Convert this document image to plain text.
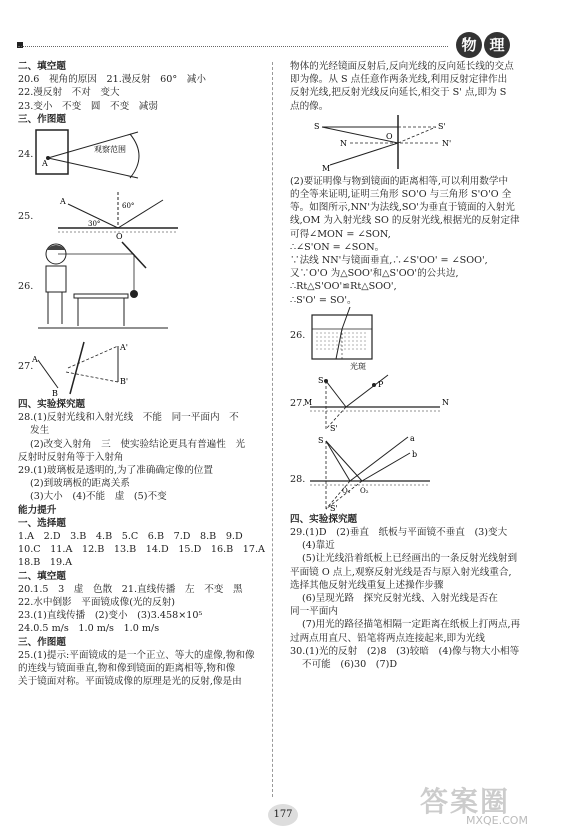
物 理

二、填空题

20.6　视角的原因　21.漫反射　60°　减小

22.漫反射　不对　变大

23.变小　不变　圆　不变　减弱

三、作图题

24.
A
观察范围
25.
A	60°
30°
O
26.
27.
A'
B'
A
B

四、实验探究题

28.(1)反射光线和入射光线　不能　同一平面内　不

发生

(2)改变入射角　三　使实验结论更具有普遍性　光

反射时反射角等于入射角

29.(1)玻璃板是透明的,为了准确确定像的位置

(2)到玻璃板的距离关系

(3)大小　(4)不能　虚　(5)不变

能力提升

一、选择题

1.A　2.D　3.B　4.B　5.C　6.B　7.D　8.B　9.D

10.C　11.A　12.B　13.B　14.D　15.D　16.B　17.A

18.B　19.A

二、填空题

20.1.5　3　虚　色散　21.直线传播　左　不变　黑

22.水中倒影　平面镜成像(光的反射)

23.(1)直线传播　(2)变小　(3)3.458×10⁵

24.0.5 m/s　1.0 m/s　1.0 m/s

三、作图题

25.(1)提示:平面镜成的是一个正立、等大的虚像,物和像

的连线与镜面垂直,物和像到镜面的距离相等,物和像

关于镜面对称。平面镜成像的原理是光的反射,像是由

物体的光经镜面反射后,反向光线的反向延长线的交点

即为像。从 S 点任意作两条光线,利用反射定律作出

反射光线,把反射光线反向延长,相交于 S' 点,即为 S

点的像。

S	S'
N	N'
O
M

(2)要证明像与物到镜面的距离相等,可以利用数学中

的全等来证明,证明三角形 SO'O 与三角形 S'O'O 全

等。如图所示,NN'为法线,SO'为垂直于镜面的入射光

线,OM 为入射光线 SO 的反射光线,根据光的反射定律

可得∠MON = ∠SON,

∴∠S'ON = ∠SON。

∵法线 NN'与镜面垂直,∴∠S'OO' = ∠SOO',

又∵O'O 为△SOO'和△S'OO'的公共边,

∴Rt△S'OO'≌Rt△SOO',

∴S'O' = SO'。

26.
光斑
27.
S	P
M	N
S'
28.
S	a
b
O₁ O₂
S'

四、实验探究题

29.(1)D　(2)垂直　纸板与平面镜不垂直　(3)变大

(4)靠近

(5)让光线沿着纸板上已经画出的一条反射光线射到

平面镜 O 点上,观察反射光线是否与原入射光线重合,

选择其他反射光线重复上述操作步骤

(6)呈现光路　探究反射光线、入射光线是否在

同一平面内

(7)用光的路径描笔相隔一定距离在纸板上打两点,再

过两点用直尺、铅笔将两点连接起来,即为光线

30.(1)光的反射　(2)8　(3)较暗　(4)像与物大小相等

不可能　(6)30　(7)D

177	答案圈
MXQE.COM
